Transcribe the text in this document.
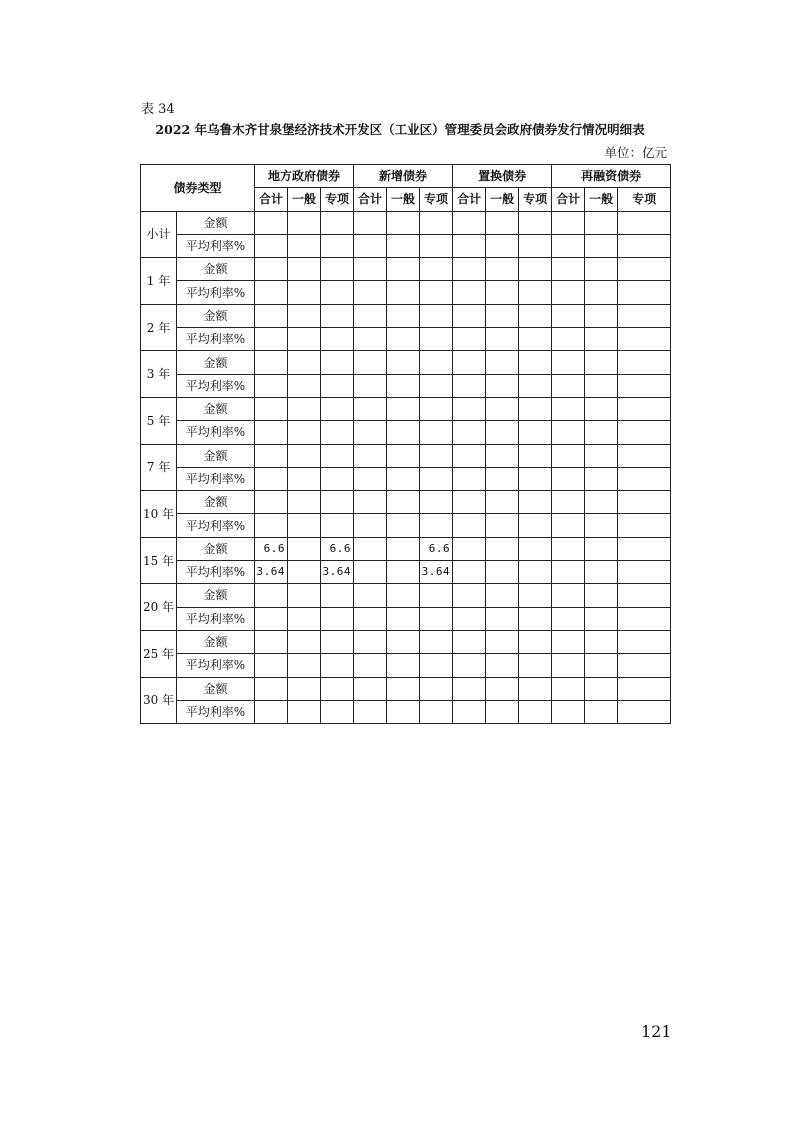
表 34
2022 年乌鲁木齐甘泉堡经济技术开发区（工业区）管理委员会政府债券发行情况明细表
单位：亿元
债券类型		地方政府债券			新增债券			置换债券			再融资债券		
		合计	一般	专项	合计	一般	专项	合计	一般	专项	合计	一般	专项
小计	金额												
	平均利率%												
1 年	金额												
	平均利率%												
2 年	金额												
	平均利率%												
3 年	金额												
	平均利率%												
5 年	金额												
	平均利率%												
7 年	金额												
	平均利率%												
10 年	金额												
	平均利率%												
15 年	金额	6.6		6.6			6.6						
	平均利率%	3.64		3.64			3.64						
20 年	金额												
	平均利率%												
25 年	金额												
	平均利率%												
30 年	金额												
	平均利率%												
121
